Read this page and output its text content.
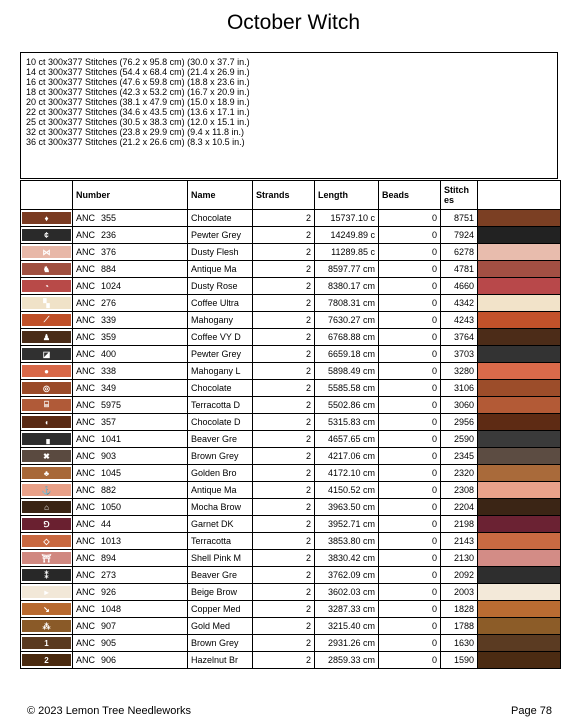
October Witch
10 ct 300x377 Stitches (76.2 x 95.8 cm) (30.0 x 37.7 in.)
14 ct 300x377 Stitches (54.4 x 68.4 cm) (21.4 x 26.9 in.)
16 ct 300x377 Stitches (47.6 x 59.8 cm) (18.8 x 23.6 in.)
18 ct 300x377 Stitches (42.3 x 53.2 cm) (16.7 x 20.9 in.)
20 ct 300x377 Stitches (38.1 x 47.9 cm) (15.0 x 18.9 in.)
22 ct 300x377 Stitches (34.6 x 43.5 cm) (13.6 x 17.1 in.)
25 ct 300x377 Stitches (30.5 x 38.3 cm) (12.0 x 15.1 in.)
32 ct 300x377 Stitches (23.8 x 29.9 cm) (9.4 x 11.8 in.)
36 ct 300x377 Stitches (21.2 x 26.6 cm) (8.3 x 10.5 in.)
	Number	Name	Strands	Length	Beads	Stitch es	

♦	ANC 355	Chocolate	2	15737.10 c	0	8751	

¢	ANC 236	Pewter Grey	2	14249.89 c	0	7924	

⋈	ANC 376	Dusty Flesh	2	11289.85 c	0	6278	

♞	ANC 884	Antique Ma	2	8597.77 cm	0	4781	

◔	ANC 1024	Dusty Rose	2	8380.17 cm	0	4660	

▚	ANC 276	Coffee Ultra	2	7808.31 cm	0	4342	

⟋	ANC 339	Mahogany	2	7630.27 cm	0	4243	

♟	ANC 359	Coffee VY D	2	6768.88 cm	0	3764	

◪	ANC 400	Pewter Grey	2	6659.18 cm	0	3703	

●	ANC 338	Mahogany L	2	5898.49 cm	0	3280	

◎	ANC 349	Chocolate	2	5585.58 cm	0	3106	

⌸	ANC 5975	Terracotta D	2	5502.86 cm	0	3060	

◖	ANC 357	Chocolate D	2	5315.83 cm	0	2956	

▗	ANC 1041	Beaver Gre	2	4657.65 cm	0	2590	

✖	ANC 903	Brown Grey	2	4217.06 cm	0	2345	

♣	ANC 1045	Golden Bro	2	4172.10 cm	0	2320	

⚓	ANC 882	Antique Ma	2	4150.52 cm	0	2308	

⌂	ANC 1050	Mocha Brow	2	3963.50 cm	0	2204	

⅁	ANC 44	Garnet DK	2	3952.71 cm	0	2198	

◇	ANC 1013	Terracotta	2	3853.80 cm	0	2143	

⛩	ANC 894	Shell Pink M	2	3830.42 cm	0	2130	

⁑	ANC 273	Beaver Gre	2	3762.09 cm	0	2092	

▸	ANC 926	Beige Brow	2	3602.03 cm	0	2003	

↘	ANC 1048	Copper Med	2	3287.33 cm	0	1828	

⁂	ANC 907	Gold Med	2	3215.40 cm	0	1788	

1	ANC 905	Brown Grey	2	2931.26 cm	0	1630	

2	ANC 906	Hazelnut Br	2	2859.33 cm	0	1590	
© 2023 Lemon Tree Needleworks	Page 78
